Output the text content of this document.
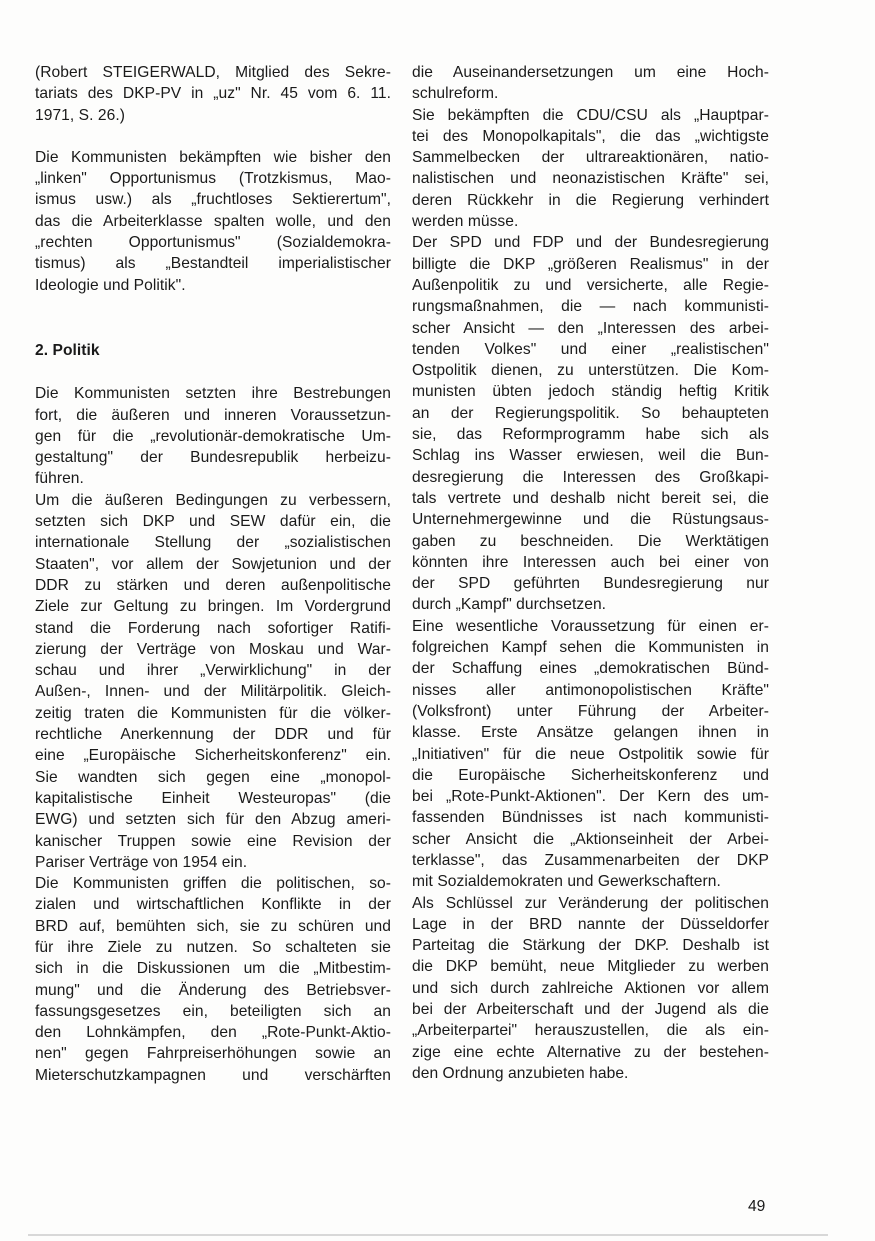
(Robert STEIGERWALD, Mitglied des Sekre-
tariats des DKP-PV in „uz" Nr. 45 vom 6. 11.
1971, S. 26.)

Die Kommunisten bekämpften wie bisher den
„linken" Opportunismus (Trotzkismus, Mao-
ismus usw.) als „fruchtloses Sektierertum",
das die Arbeiterklasse spalten wolle, und den
„rechten Opportunismus" (Sozialdemokra-
tismus) als „Bestandteil imperialistischer
Ideologie und Politik".

2. Politik

Die Kommunisten setzten ihre Bestrebungen
fort, die äußeren und inneren Voraussetzun-
gen für die „revolutionär-demokratische Um-
gestaltung" der Bundesrepublik herbeizu-
führen.

Um die äußeren Bedingungen zu verbessern,
setzten sich DKP und SEW dafür ein, die
internationale Stellung der „sozialistischen
Staaten", vor allem der Sowjetunion und der
DDR zu stärken und deren außenpolitische
Ziele zur Geltung zu bringen. Im Vordergrund
stand die Forderung nach sofortiger Ratifi-
zierung der Verträge von Moskau und War-
schau und ihrer „Verwirklichung" in der
Außen-, Innen- und der Militärpolitik. Gleich-
zeitig traten die Kommunisten für die völker-
rechtliche Anerkennung der DDR und für
eine „Europäische Sicherheitskonferenz" ein.
Sie wandten sich gegen eine „monopol-
kapitalistische Einheit Westeuropas" (die
EWG) und setzten sich für den Abzug ameri-
kanischer Truppen sowie eine Revision der
Pariser Verträge von 1954 ein.

Die Kommunisten griffen die politischen, so-
zialen und wirtschaftlichen Konflikte in der
BRD auf, bemühten sich, sie zu schüren und
für ihre Ziele zu nutzen. So schalteten sie
sich in die Diskussionen um die „Mitbestim-
mung" und die Änderung des Betriebsver-
fassungsgesetzes ein, beteiligten sich an
den Lohnkämpfen, den „Rote-Punkt-Aktio-
nen" gegen Fahrpreiserhöhungen sowie an
Mieterschutzkampagnen und verschärften

die Auseinandersetzungen um eine Hoch-
schulreform.

Sie bekämpften die CDU/CSU als „Hauptpar-
tei des Monopolkapitals", die das „wichtigste
Sammelbecken der ultrareaktionären, natio-
nalistischen und neonazistischen Kräfte" sei,
deren Rückkehr in die Regierung verhindert
werden müsse.

Der SPD und FDP und der Bundesregierung
billigte die DKP „größeren Realismus" in der
Außenpolitik zu und versicherte, alle Regie-
rungsmaßnahmen, die — nach kommunisti-
scher Ansicht — den „Interessen des arbei-
tenden Volkes" und einer „realistischen"
Ostpolitik dienen, zu unterstützen. Die Kom-
munisten übten jedoch ständig heftig Kritik
an der Regierungspolitik. So behaupteten
sie, das Reformprogramm habe sich als
Schlag ins Wasser erwiesen, weil die Bun-
desregierung die Interessen des Großkapi-
tals vertrete und deshalb nicht bereit sei, die
Unternehmergewinne und die Rüstungsaus-
gaben zu beschneiden. Die Werktätigen
könnten ihre Interessen auch bei einer von
der SPD geführten Bundesregierung nur
durch „Kampf" durchsetzen.

Eine wesentliche Voraussetzung für einen er-
folgreichen Kampf sehen die Kommunisten in
der Schaffung eines „demokratischen Bünd-
nisses aller antimonopolistischen Kräfte"
(Volksfront) unter Führung der Arbeiter-
klasse. Erste Ansätze gelangen ihnen in
„Initiativen" für die neue Ostpolitik sowie für
die Europäische Sicherheitskonferenz und
bei „Rote-Punkt-Aktionen". Der Kern des um-
fassenden Bündnisses ist nach kommunisti-
scher Ansicht die „Aktionseinheit der Arbei-
terklasse", das Zusammenarbeiten der DKP
mit Sozialdemokraten und Gewerkschaftern.

Als Schlüssel zur Veränderung der politischen
Lage in der BRD nannte der Düsseldorfer
Parteitag die Stärkung der DKP. Deshalb ist
die DKP bemüht, neue Mitglieder zu werben
und sich durch zahlreiche Aktionen vor allem
bei der Arbeiterschaft und der Jugend als die
„Arbeiterpartei" herauszustellen, die als ein-
zige eine echte Alternative zu der bestehen-
den Ordnung anzubieten habe.

49
